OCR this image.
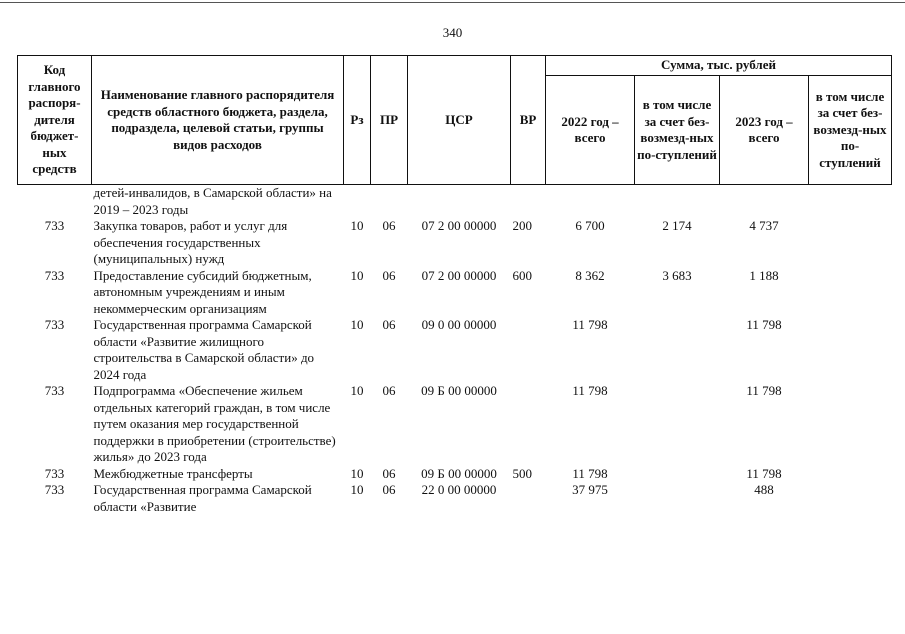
340
Код главного распоря-дителя бюджет-ных средств	Наименование главного распорядителя средств областного бюджета, раздела, подраздела, целевой статьи, группы видов расходов	Рз	ПР	ЦСР	ВР	Сумма, тыс. рублей			
						2022 год – всего	в том числе за счет без-возмезд-ных по-ступлений	2023 год – всего	в том числе за счет без-возмезд-ных по-ступлений
	детей-инвалидов, в Самарской области» на 2019 – 2023 годы								
733	Закупка товаров, работ и услуг для обеспечения государственных (муниципальных) нужд	10	06	07 2 00 00000	200	6 700	2 174	4 737	
733	Предоставление субсидий бюджетным, автономным учреждениям и иным некоммерческим организациям	10	06	07 2 00 00000	600	8 362	3 683	1 188	
733	Государственная программа Самарской области «Развитие жилищного строительства в Самарской области» до 2024 года	10	06	09 0 00 00000		11 798		11 798	
733	Подпрограмма «Обеспечение жильем отдельных категорий граждан, в том числе путем оказания мер государственной поддержки в приобретении (строительстве) жилья» до 2023 года	10	06	09 Б 00 00000		11 798		11 798	
733	Межбюджетные трансферты	10	06	09 Б 00 00000	500	11 798		11 798	
733	Государственная программа Самарской области «Развитие	10	06	22 0 00 00000		37 975		488	
